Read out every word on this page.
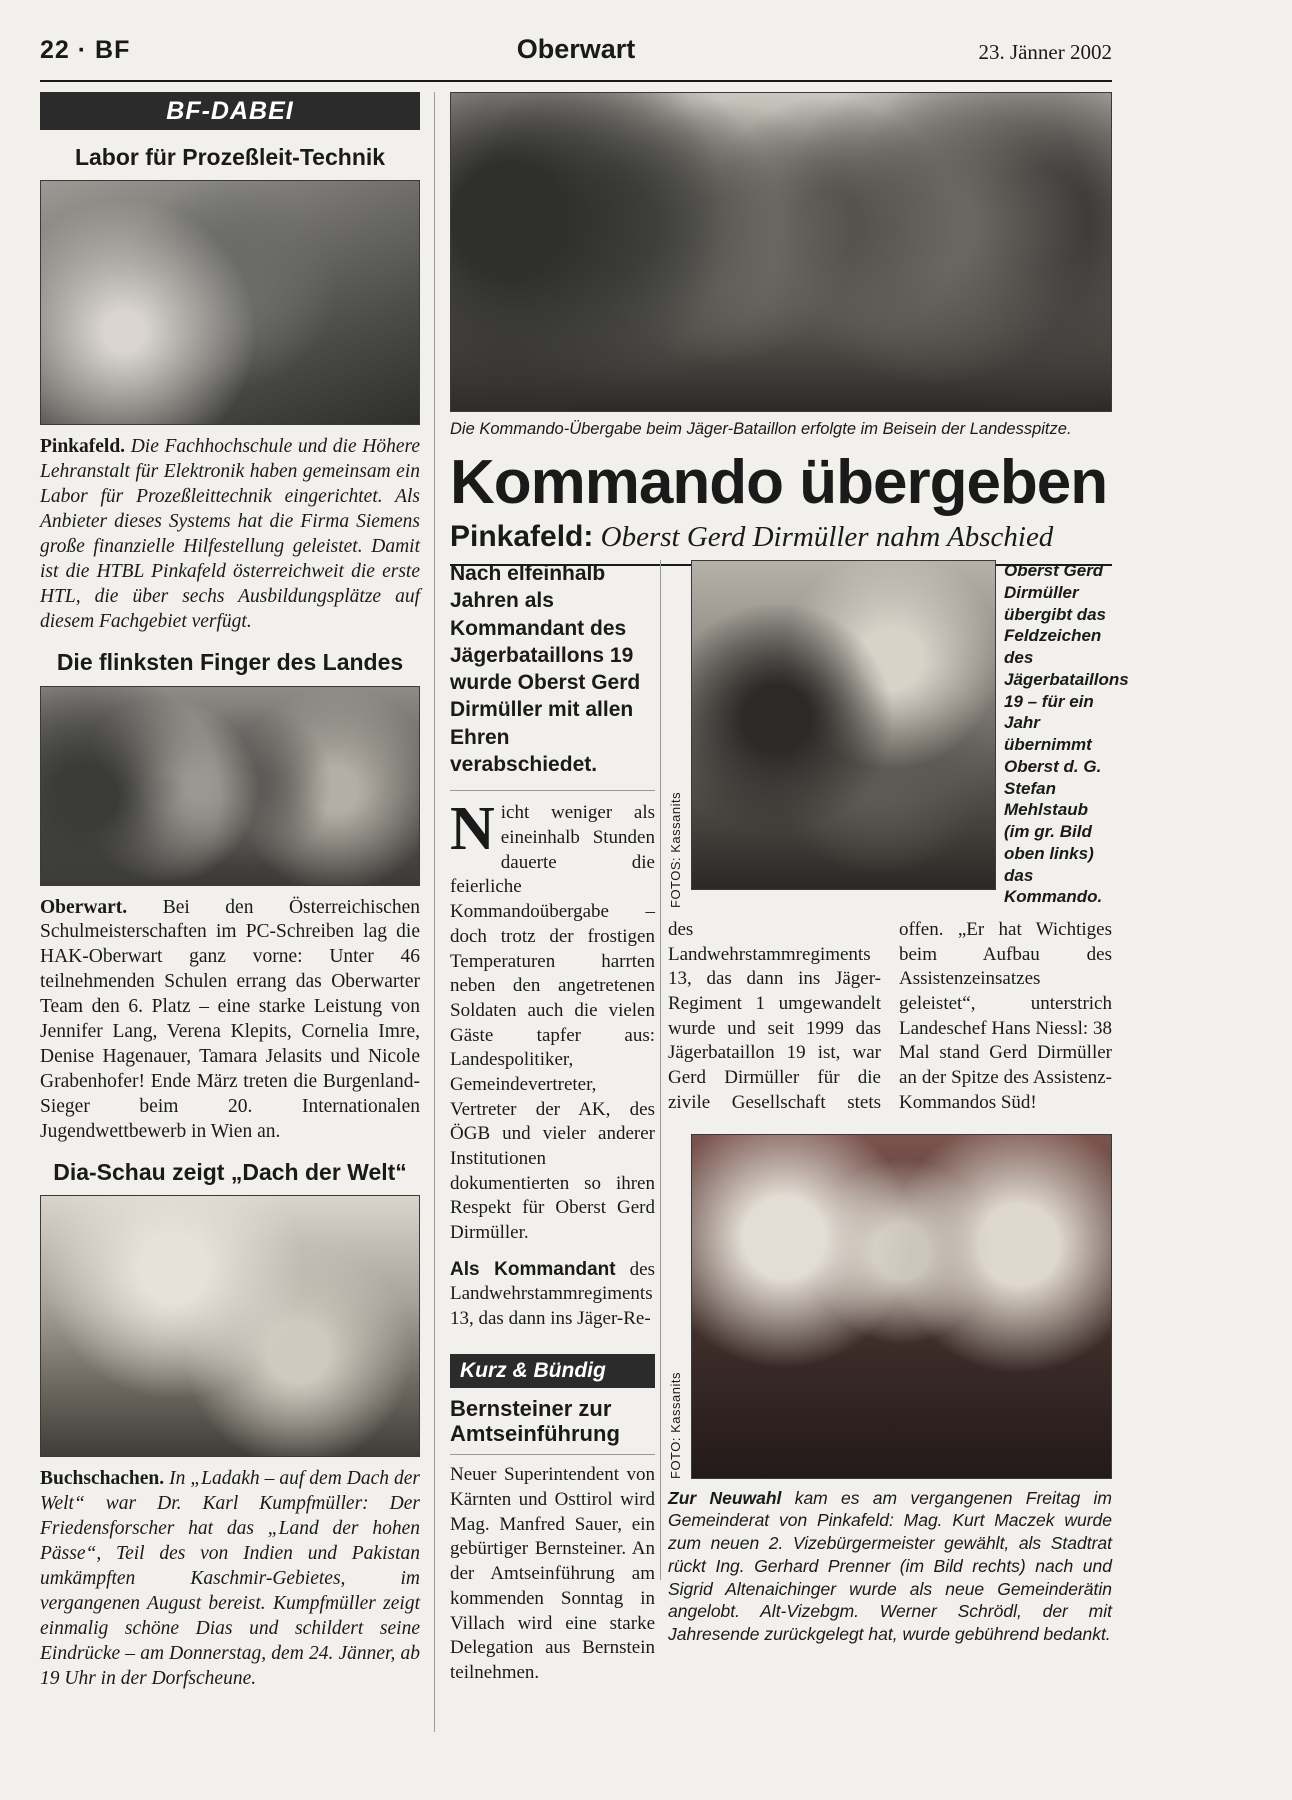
22 · BF	Oberwart	23. Jänner 2002
BF-DABEI
Labor für Prozeßleit-Technik
Pinkafeld. Die Fachhochschule und die Höhere Lehranstalt für Elektronik haben gemeinsam ein Labor für Prozeßleittechnik eingerichtet. Als Anbieter dieses Systems hat die Firma Siemens große finanzielle Hilfestellung geleistet. Damit ist die HTBL Pinkafeld österreichweit die erste HTL, die über sechs Ausbildungsplätze auf diesem Fachgebiet verfügt.
Die flinksten Finger des Landes
Oberwart. Bei den Österreichischen Schulmeisterschaften im PC-Schreiben lag die HAK-Oberwart ganz vorne: Unter 46 teilnehmenden Schulen errang das Oberwarter Team den 6. Platz – eine starke Leistung von Jennifer Lang, Verena Klepits, Cornelia Imre, Denise Hagenauer, Tamara Jelasits und Nicole Grabenhofer! Ende März treten die Burgenland-Sieger beim 20. Internationalen Jugendwettbewerb in Wien an.
Dia-Schau zeigt „Dach der Welt“
Buchschachen. In „Ladakh – auf dem Dach der Welt“ war Dr. Karl Kumpfmüller: Der Friedensforscher hat das „Land der hohen Pässe“, Teil des von Indien und Pakistan umkämpften Kaschmir-Gebietes, im vergangenen August bereist. Kumpfmüller zeigt einmalig schöne Dias und schildert seine Eindrücke – am Donnerstag, dem 24. Jänner, ab 19 Uhr in der Dorfscheune.
Die Kommando-Übergabe beim Jäger-Bataillon erfolgte im Beisein der Landesspitze.
Kommando übergeben
Pinkafeld: Oberst Gerd Dirmüller nahm Abschied
Nach elfeinhalb Jahren als Kommandant des Jägerbataillons 19 wurde Oberst Gerd Dirmüller mit allen Ehren verabschiedet.
N icht weniger als eineinhalb Stunden dauerte die feierliche Kommandoübergabe – doch trotz der frostigen Temperaturen harrten neben den angetretenen Soldaten auch die vielen Gäste tapfer aus: Landespolitiker, Gemeindevertreter, Vertreter der AK, des ÖGB und vieler anderer Institutionen dokumentierten so ihren Respekt für Oberst Gerd Dirmüller.
Als Kommandant des Landwehrstammregiments 13, das dann ins Jäger-Re-
Kurz & Bündig
Bernsteiner zur Amtseinführung
Neuer Superintendent von Kärnten und Osttirol wird Mag. Manfred Sauer, ein gebürtiger Bernsteiner. An der Amtseinführung am kommenden Sonntag in Villach wird eine starke Delegation aus Bernstein teilnehmen.
FOTOS: Kassanits
Oberst Gerd Dirmüller übergibt das Feldzeichen des Jägerbataillons 19 – für ein Jahr übernimmt Oberst d. G. Stefan Mehlstaub (im gr. Bild oben links) das Kommando.
des Landwehrstammregiments 13, das dann ins Jäger-Regiment 1 umgewandelt wurde und seit 1999 das Jägerbataillon 19 ist, war Gerd Dirmüller für die zivile Gesellschaft stets offen. „Er hat Wichtiges beim Aufbau des Assistenzeinsatzes geleistet“, unterstrich Landeschef Hans Niessl: 38 Mal stand Gerd Dirmüller an der Spitze des Assistenz-Kommandos Süd!
FOTO: Kassanits
Zur Neuwahl kam es am vergangenen Freitag im Gemeinderat von Pinkafeld: Mag. Kurt Maczek wurde zum neuen 2. Vizebürgermeister gewählt, als Stadtrat rückt Ing. Gerhard Prenner (im Bild rechts) nach und Sigrid Altenaichinger wurde als neue Gemeinderätin angelobt. Alt-Vizebgm. Werner Schrödl, der mit Jahresende zurückgelegt hat, wurde gebührend bedankt.
